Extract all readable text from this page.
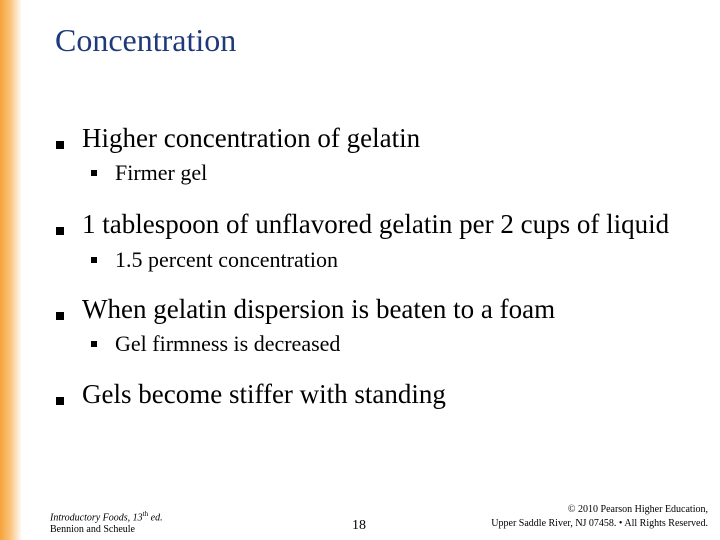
Concentration
Higher concentration of gelatin
Firmer gel
1 tablespoon of unflavored gelatin per 2 cups of liquid
1.5 percent concentration
When gelatin dispersion is beaten to a foam
Gel firmness is decreased
Gels become stiffer with standing
Introductory Foods, 13th ed.
Bennion and Scheule	18
© 2010 Pearson Higher Education,
Upper Saddle River, NJ 07458. • All Rights Reserved.
